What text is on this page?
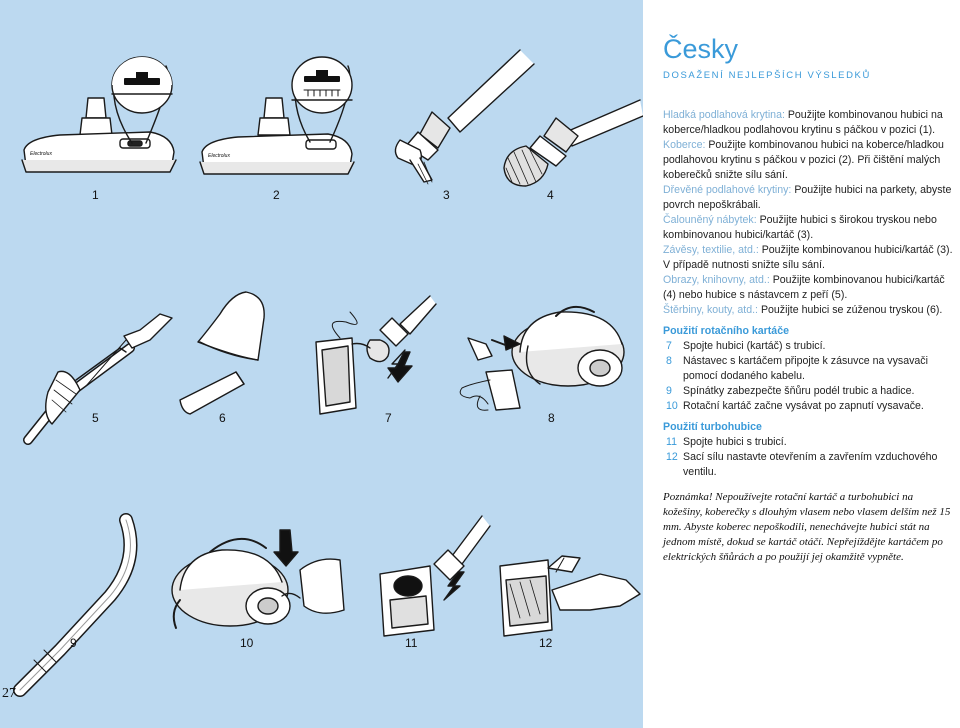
Electrolux	Electrolux
1	2	3	4
5	6	7	8
9	10	11	12
27
Česky
DOSAŽENÍ NEJLEPŠÍCH VÝSLEDKŮ

Hladká podlahová krytina: Použijte kombinovanou hubici na koberce/hladkou podlahovou krytinu s páčkou v pozici (1).

Koberce: Použijte kombinovanou hubici na koberce/hladkou podlahovou krytinu s páčkou v pozici (2). Při čištění malých koberečků snižte sílu sání.

Dřevěné podlahové krytiny: Použijte hubici na parkety, abyste povrch nepoškrábali.

Čalouněný nábytek: Použijte hubici s širokou tryskou nebo kombinovanou hubici/kartáč (3).

Závěsy, textilie, atd.: Použijte kombinovanou hubici/kartáč (3). V případě nutnosti snižte sílu sání.

Obrazy, knihovny, atd.: Použijte kombinovanou hubici/kartáč (4) nebo hubice s nástavcem z peří (5).

Štěrbiny, kouty, atd.: Použijte hubici se zúženou tryskou (6).

Použití rotačního kartáče

7	Spojte hubici (kartáč) s trubicí.
8	Nástavec s kartáčem připojte k zásuvce na vysavači pomocí dodaného kabelu.
9	Spínátky zabezpečte šňůru podél trubic a hadice.
10 Rotační kartáč začne vysávat po zapnutí vysavače.

Použití turbohubice

11 Spojte hubici s trubicí.
12 Sací sílu nastavte otevřením a zavřením vzduchového ventilu.

Poznámka! Nepoužívejte rotační kartáč a turbohubici na kožešiny, koberečky s dlouhým vlasem nebo vlasem delším než 15 mm. Abyste koberec nepoškodili, nenechávejte hubici stát na jednom místě, dokud se kartáč otáčí. Nepřejíždějte kartáčem po elektrických šňůrách a po použijí jej okamžitě vypněte.
